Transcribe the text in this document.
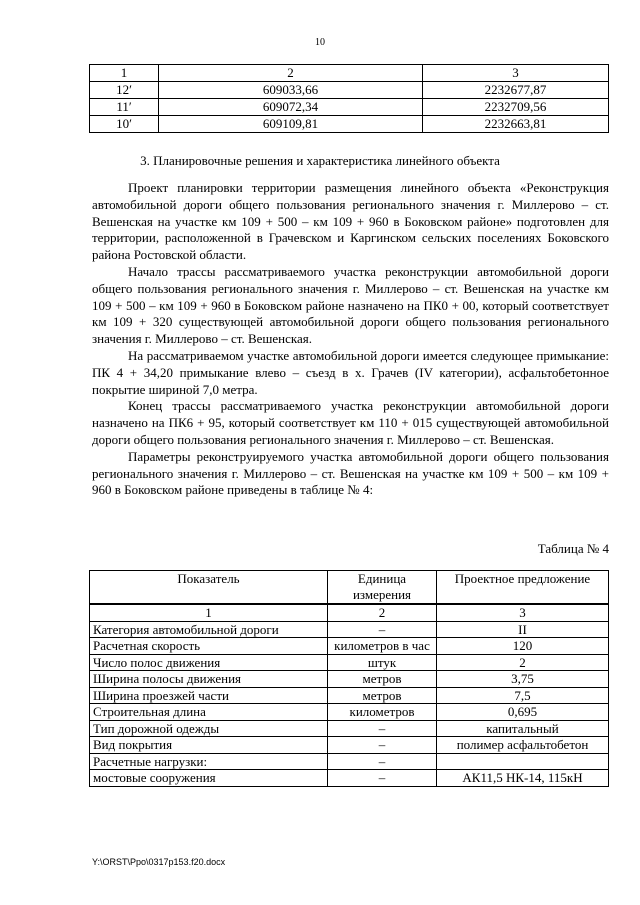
10
1	2	3
12′	609033,66	2232677,87
11′	609072,34	2232709,56
10′	609109,81	2232663,81
3. Планировочные решения и характеристика линейного объекта

Проект планировки территории размещения линейного объекта «Реконструкция автомобильной дороги общего пользования регионального значения г. Миллерово – ст. Вешенская на участке км 109 + 500 – км 109 + 960 в Боковском районе» подготовлен для территории, расположенной в Грачевском и Каргинском сельских поселениях Боковского района Ростовской области.

Начало трассы рассматриваемого участка реконструкции автомобильной дороги общего пользования регионального значения г. Миллерово – ст. Вешенская на участке км 109 + 500 – км 109 + 960 в Боковском районе назначено на ПК0 + 00, который соответствует км 109 + 320 существующей автомобильной дороги общего пользования регионального значения г. Миллерово – ст. Вешенская.

На рассматриваемом участке автомобильной дороги имеется следующее примыкание: ПК 4 + 34,20 примыкание влево – съезд в х. Грачев (IV категории), асфальтобетонное покрытие шириной 7,0 метра.

Конец трассы рассматриваемого участка реконструкции автомобильной дороги назначено на ПК6 + 95, который соответствует км 110 + 015 существующей автомобильной дороги общего пользования регионального значения г. Миллерово – ст. Вешенская.

Параметры реконструируемого участка автомобильной дороги общего пользования регионального значения г. Миллерово – ст. Вешенская на участке км 109 + 500 – км 109 + 960 в Боковском районе приведены в таблице № 4:

Таблица № 4
Показатель	Единица измерения	Проектное предложение
1	2	3
Категория автомобильной дороги	–	II
Расчетная скорость	километров в час	120
Число полос движения	штук	2
Ширина полосы движения	метров	3,75
Ширина проезжей части	метров	7,5
Строительная длина	километров	0,695
Тип дорожной одежды	–	капитальный
Вид покрытия	–	полимер асфальтобетон
Расчетные нагрузки:	–	
мостовые сооружения	–	АК11,5 НК-14, 115кН
Y:\ORST\Ppo\0317p153.f20.docx
